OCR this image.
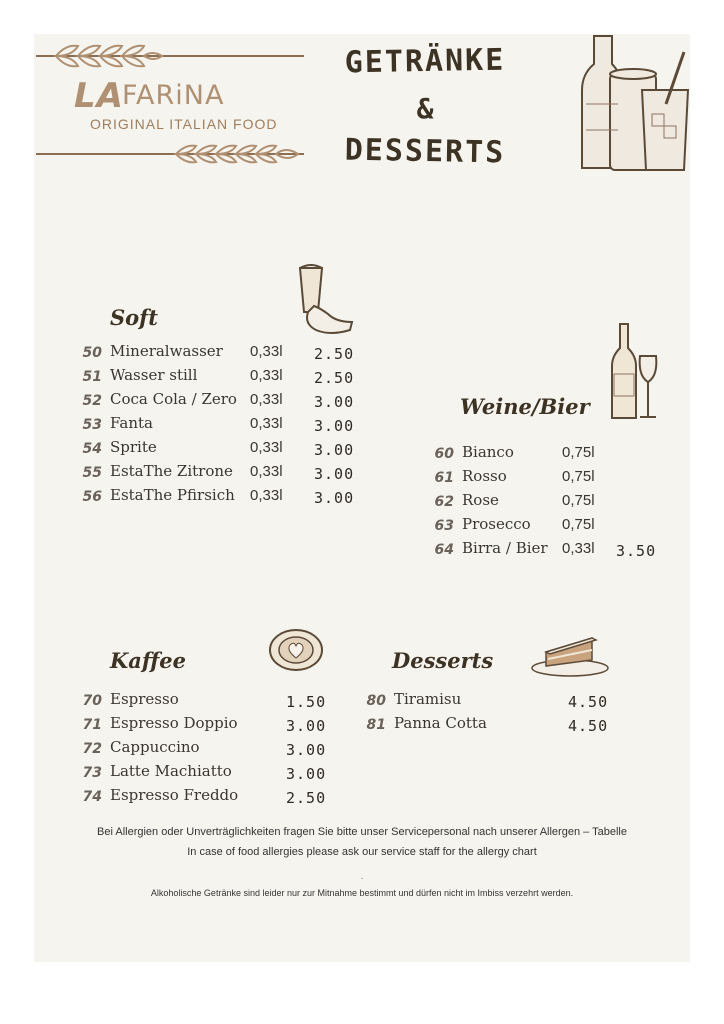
LA
FARiNA
ORIGINAL ITALIAN FOOD
GETRÄNKE
&
DESSERTS
Soft
50 Mineralwasser 0,33l 2.50
51 Wasser still	0,33l 2.50
52 Coca Cola / Zero 0,33l 3.00
53 Fanta	0,33l 3.00
54 Sprite	0,33l 3.00
55 EstaThe Zitrone 0,33l 3.00
56 EstaThe Pfirsich 0,33l 3.00
Weine/Bier
60 Bianco	0,75l
61 Rosso	0,75l
62 Rose	0,75l
63 Prosecco 0,75l
64 Birra / Bier 0,33l 3.50
Kaffee
70 Espresso	1.50
71 Espresso Doppio	3.00
72 Cappuccino	3.00
73 Latte Machiatto	3.00
74 Espresso Freddo	2.50
Desserts
80 Tiramisu	4.50
81 Panna Cotta	4.50
Bei Allergien oder Unverträglichkeiten fragen Sie bitte unser Servicepersonal nach unserer Allergen – Tabelle
In case of food allergies please ask our service staff for the allergy chart
.
Alkoholische Getränke sind leider nur zur Mitnahme bestimmt und dürfen nicht im Imbiss verzehrt werden.
